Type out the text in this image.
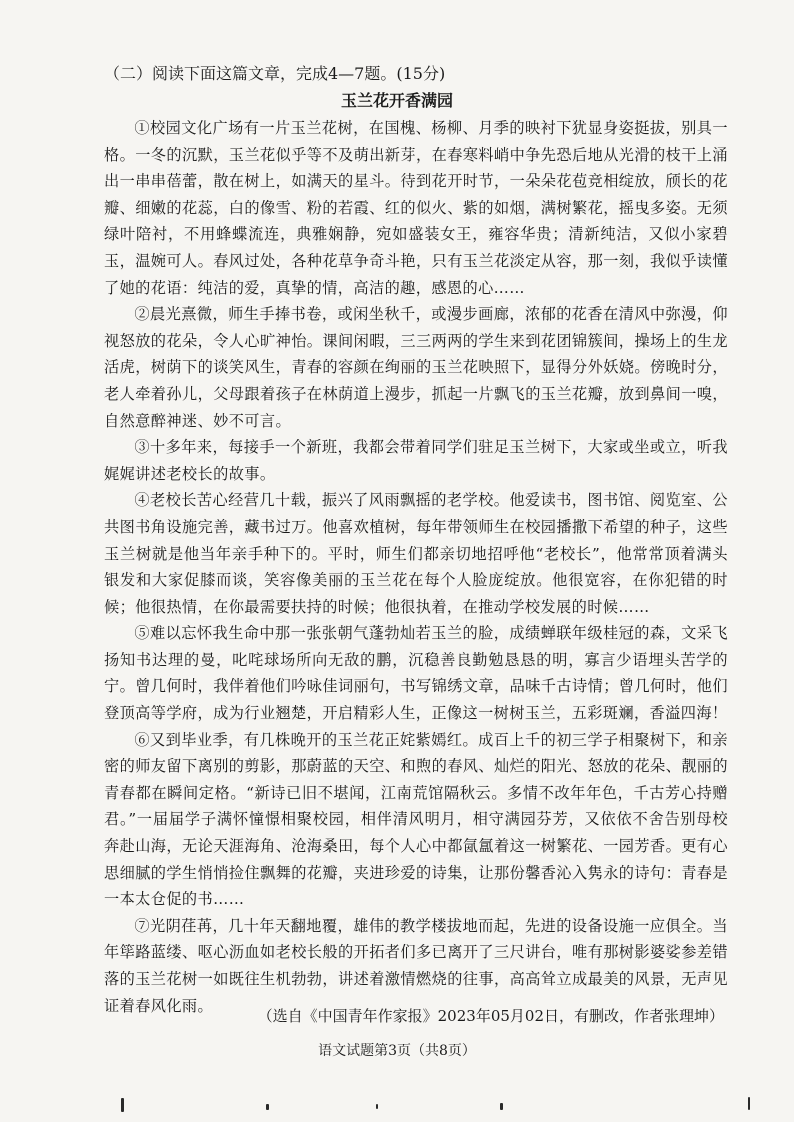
（二）阅读下面这篇文章，完成4—7题。(15分)

玉兰花开香满园

①校园文化广场有一片玉兰花树，在国槐、杨柳、月季的映衬下犹显身姿挺拔，别具一格。一冬的沉默，玉兰花似乎等不及萌出新芽，在春寒料峭中争先恐后地从光滑的枝干上涌出一串串蓓蕾，散在树上，如满天的星斗。待到花开时节，一朵朵花苞竞相绽放，颀长的花瓣、细嫩的花蕊，白的像雪、粉的若霞、红的似火、紫的如烟，满树繁花，摇曳多姿。无须绿叶陪衬，不用蜂蝶流连，典雅娴静，宛如盛装女王，雍容华贵；清新纯洁，又似小家碧玉，温婉可人。春风过处，各种花草争奇斗艳，只有玉兰花淡定从容，那一刻，我似乎读懂了她的花语：纯洁的爱，真挚的情，高洁的趣，感恩的心……

②晨光熹微，师生手捧书卷，或闲坐秋千，或漫步画廊，浓郁的花香在清风中弥漫，仰视怒放的花朵，令人心旷神怡。课间闲暇，三三两两的学生来到花团锦簇间，操场上的生龙活虎，树荫下的谈笑风生，青春的容颜在绚丽的玉兰花映照下，显得分外妖娆。傍晚时分，老人牵着孙儿，父母跟着孩子在林荫道上漫步，抓起一片飘飞的玉兰花瓣，放到鼻间一嗅，自然意醉神迷、妙不可言。

③十多年来，每接手一个新班，我都会带着同学们驻足玉兰树下，大家或坐或立，听我娓娓讲述老校长的故事。

④老校长苦心经营几十载，振兴了风雨飘摇的老学校。他爱读书，图书馆、阅览室、公共图书角设施完善，藏书过万。他喜欢植树，每年带领师生在校园播撒下希望的种子，这些玉兰树就是他当年亲手种下的。平时，师生们都亲切地招呼他“老校长”，他常常顶着满头银发和大家促膝而谈，笑容像美丽的玉兰花在每个人脸庞绽放。他很宽容，在你犯错的时候；他很热情，在你最需要扶持的时候；他很执着，在推动学校发展的时候……

⑤难以忘怀我生命中那一张张朝气蓬勃灿若玉兰的脸，成绩蝉联年级桂冠的森，文采飞扬知书达理的曼，叱咤球场所向无敌的鹏，沉稳善良勤勉恳恳的明，寡言少语埋头苦学的宁。曾几何时，我伴着他们吟咏佳词丽句，书写锦绣文章，品味千古诗情；曾几何时，他们登顶高等学府，成为行业翘楚，开启精彩人生，正像这一树树玉兰，五彩斑斓，香溢四海！

⑥又到毕业季，有几株晚开的玉兰花正姹紫嫣红。成百上千的初三学子相聚树下，和亲密的师友留下离别的剪影，那蔚蓝的天空、和煦的春风、灿烂的阳光、怒放的花朵、靓丽的青春都在瞬间定格。“新诗已旧不堪闻，江南荒馆隔秋云。多情不改年年色，千古芳心持赠君。”一届届学子满怀憧憬相聚校园，相伴清风明月，相守满园芬芳，又依依不舍告别母校奔赴山海，无论天涯海角、沧海桑田，每个人心中都氤氲着这一树繁花、一园芳香。更有心思细腻的学生悄悄捡住飘舞的花瓣，夹进珍爱的诗集，让那份馨香沁入隽永的诗句：青春是一本太仓促的书……

⑦光阴荏苒，几十年天翻地覆，雄伟的教学楼拔地而起，先进的设备设施一应俱全。当年筚路蓝缕、呕心沥血如老校长般的开拓者们多已离开了三尺讲台，唯有那树影婆娑参差错落的玉兰花树一如既往生机勃勃，讲述着激情燃烧的往事，高高耸立成最美的风景，无声见证着春风化雨。

（选自《中国青年作家报》2023年05月02日，有删改，作者张理坤）

语文试题第3页（共8页）
